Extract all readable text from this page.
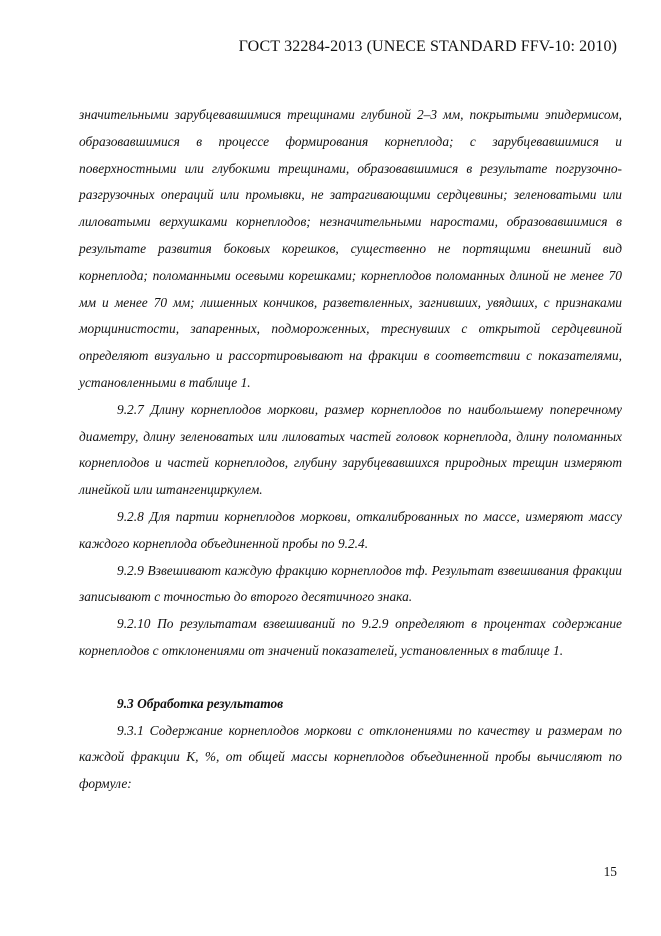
ГОСТ 32284-2013 (UNECE STANDARD FFV-10: 2010)

значительными зарубцевавшимися трещинами глубиной 2–3 мм, покрытыми эпидермисом, образовавшимися в процессе формирования корнеплода; с зарубцевавшимися и поверхностными или глубокими трещинами, образовавшимися в результате погрузочно-разгрузочных операций или промывки, не затрагивающими сердцевины; зеленоватыми или лиловатыми верхушками корнеплодов; незначительными наростами, образовавшимися в результате развития боковых корешков, существенно не портящими внешний вид корнеплода; поломанными осевыми корешками; корнеплодов поломанных длиной не менее 70 мм и менее 70 мм; лишенных кончиков, разветвленных, загнивших, увядших, с признаками морщинистости, запаренных, подмороженных, треснувших с открытой сердцевиной определяют визуально и рассортировывают на фракции в соответствии с показателями, установленными в таблице 1.

9.2.7 Длину корнеплодов моркови, размер корнеплодов по наибольшему поперечному диаметру, длину зеленоватых или лиловатых частей головок корнеплода, длину поломанных корнеплодов и частей корнеплодов, глубину зарубцевавшихся природных трещин измеряют линейкой или штангенциркулем.

9.2.8 Для партии корнеплодов моркови, откалиброванных по массе, измеряют массу каждого корнеплода объединенной пробы по 9.2.4.

9.2.9 Взвешивают каждую фракцию корнеплодов mф. Результат взвешивания фракции записывают с точностью до второго десятичного знака.

9.2.10 По результатам взвешиваний по 9.2.9 определяют в процентах содержание корнеплодов с отклонениями от значений показателей, установленных в таблице 1.

9.3 Обработка результатов

9.3.1 Содержание корнеплодов моркови с отклонениями по качеству и размерам по каждой фракции К, %, от общей массы корнеплодов объединенной пробы вычисляют по формуле:

15
